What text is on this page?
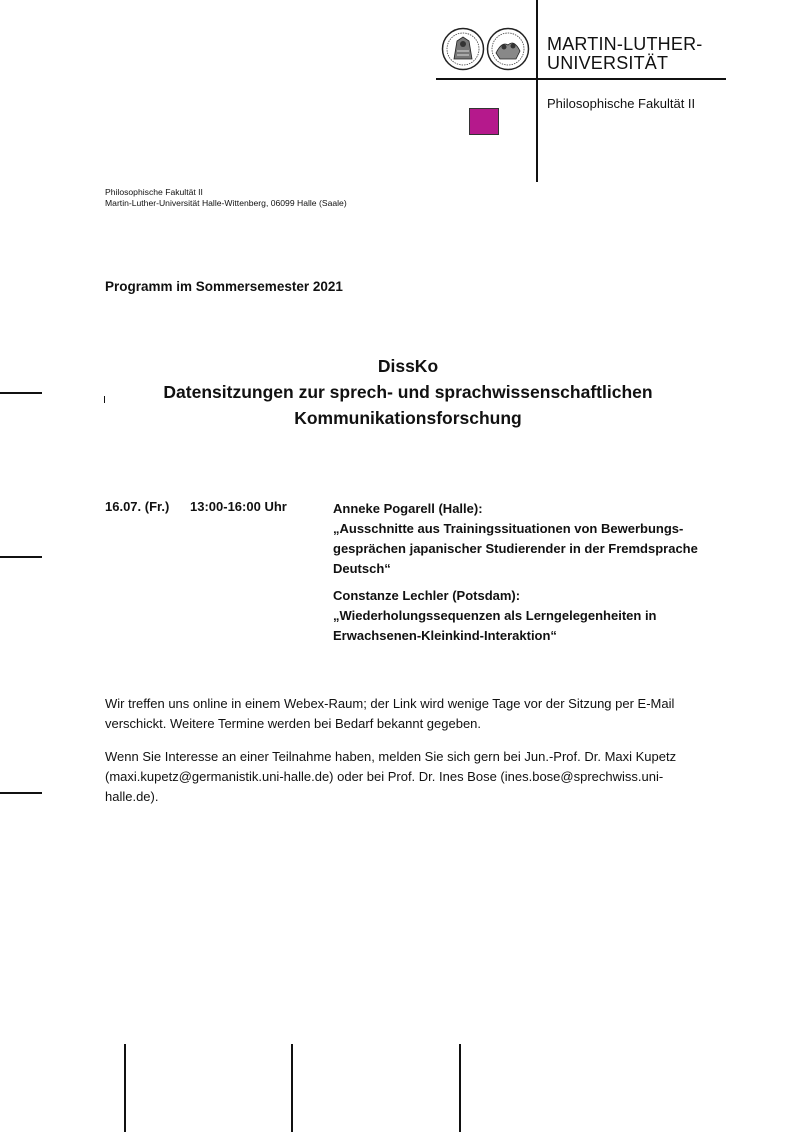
MARTIN-LUTHER-
UNIVERSITÄT
Philosophische Fakultät II
Philosophische Fakultät II
Martin-Luther-Universität Halle-Wittenberg, 06099 Halle (Saale)
Programm im Sommersemester 2021
DissKo
Datensitzungen zur sprech- und sprachwissenschaftlichen
Kommunikationsforschung
16.07. (Fr.) 13:00-16:00 Uhr	Anneke Pogarell (Halle):
„Ausschnitte aus Trainingssituationen von Bewerbungs-
gesprächen japanischer Studierender in der Fremdsprache
Deutsch“
Constanze Lechler (Potsdam):
„Wiederholungssequenzen als Lerngelegenheiten in
Erwachsenen-Kleinkind-Interaktion“
Wir treffen uns online in einem Webex-Raum; der Link wird wenige Tage vor der Sitzung per E-Mail
verschickt. Weitere Termine werden bei Bedarf bekannt gegeben.
Wenn Sie Interesse an einer Teilnahme haben, melden Sie sich gern bei Jun.-Prof. Dr. Maxi Kupetz
(maxi.kupetz@germanistik.uni-halle.de) oder bei Prof. Dr. Ines Bose (ines.bose@sprechwiss.uni-
halle.de).
